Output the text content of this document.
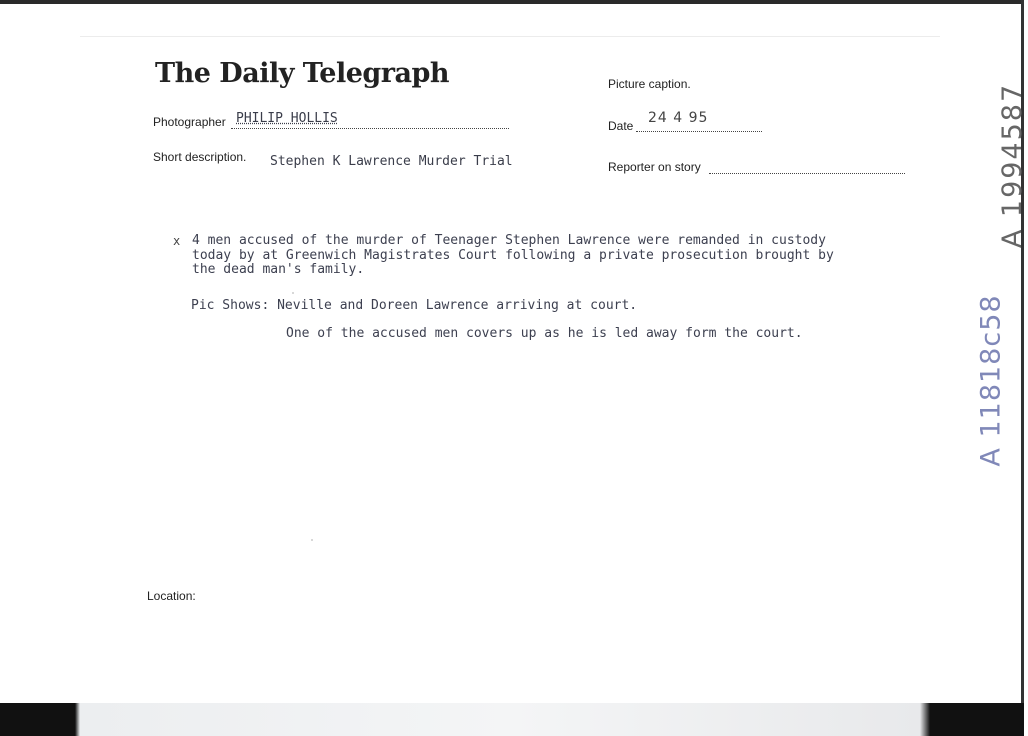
The Daily Telegraph
Photographer PHILIP HOLLIS
Short description. Stephen K Lawrence Murder Trial
Picture caption.
Date 24 4 95
Reporter on story
x 4 men accused of the murder of Teenager Stephen Lawrence were remanded in custody
today by at Greenwich Magistrates Court following a private prosecution brought by
the dead man's family.
Pic Shows: Neville and Doreen Lawrence arriving at court.
One of the accused men covers up as he is led away form the court.
A 1994587
A 11818c58
Location:
